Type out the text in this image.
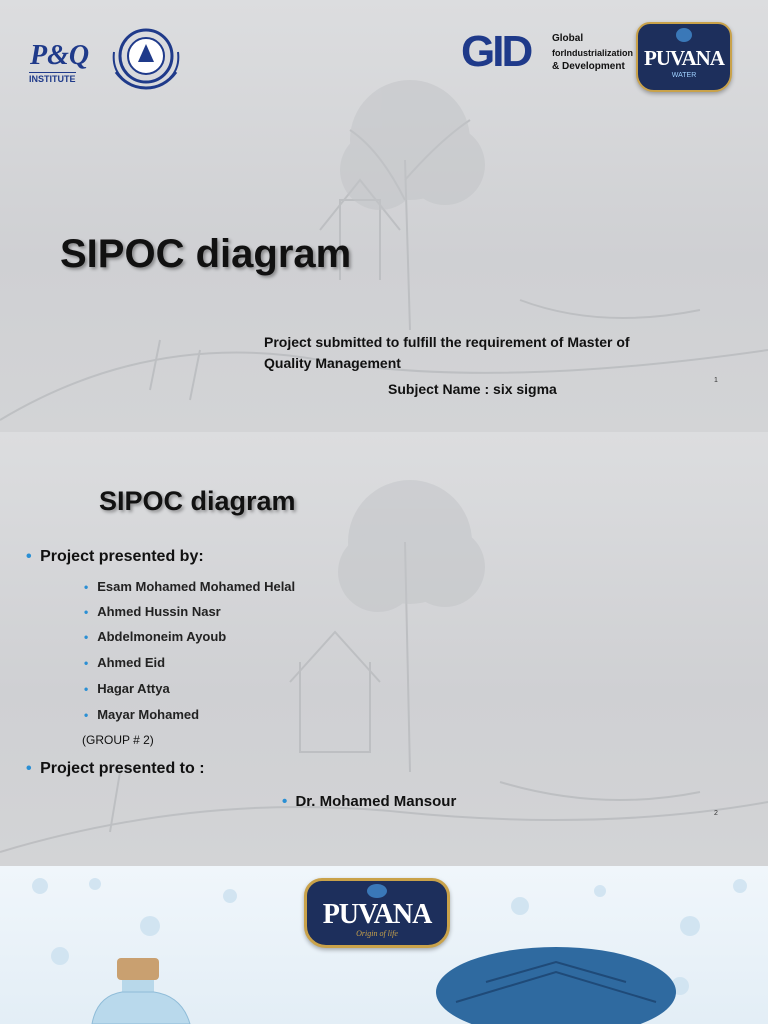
P&Q
INSTITUTE
GID Global
forIndustrialization
& Development PUVANA
WATER
SIPOC diagram
Project submitted to fulfill the requirement of Master of
Quality Management
Subject Name : six sigma
1
SIPOC diagram
• Project presented by:
• Esam Mohamed Mohamed Helal
• Ahmed Hussin Nasr
• Abdelmoneim Ayoub
• Ahmed Eid
• Hagar Attya
• Mayar Mohamed
(GROUP # 2)
• Project presented to :
• Dr. Mohamed Mansour
2
PUVANA
Origin of life
